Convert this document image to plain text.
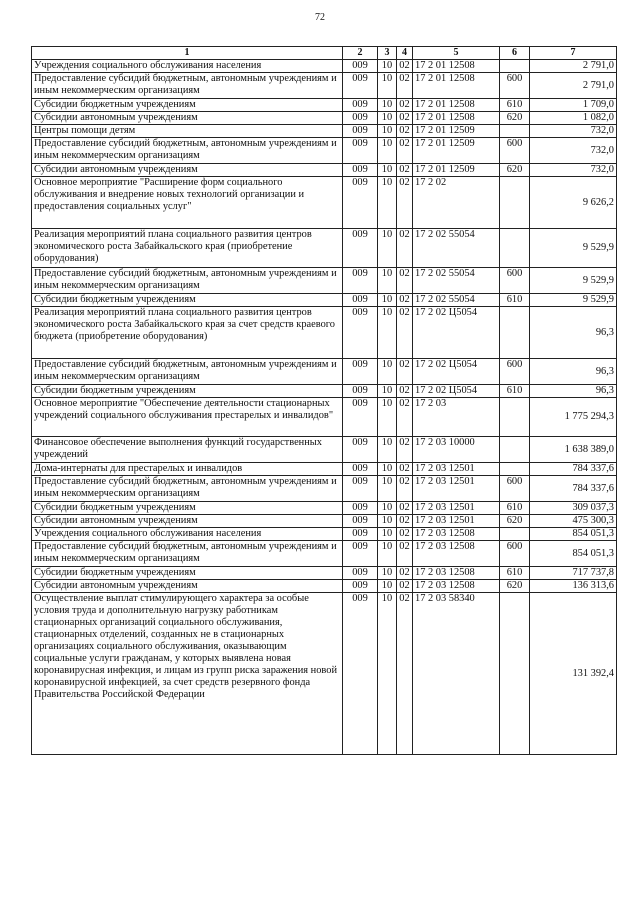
72
1	2	3	4	5	6	7
Учреждения социального обслуживания населения	009	10	02	17 2 01 12508		2 791,0
Предоставление субсидий бюджетным, автономным учреждениям и иным некоммерческим организациям	009	10	02	17 2 01 12508	600	2 791,0
Субсидии бюджетным учреждениям	009	10	02	17 2 01 12508	610	1 709,0
Субсидии автономным учреждениям	009	10	02	17 2 01 12508	620	1 082,0
Центры помощи детям	009	10	02	17 2 01 12509		732,0
Предоставление субсидий бюджетным, автономным учреждениям и иным некоммерческим организациям	009	10	02	17 2 01 12509	600	732,0
Субсидии автономным учреждениям	009	10	02	17 2 01 12509	620	732,0
Основное мероприятие "Расширение форм социального обслуживания и внедрение новых технологий организации и предоставления социальных услуг"	009	10	02	17 2 02		9 626,2
Реализация мероприятий плана социального развития центров экономического роста Забайкальского края (приобретение оборудования)	009	10	02	17 2 02 55054		9 529,9
Предоставление субсидий бюджетным, автономным учреждениям и иным некоммерческим организациям	009	10	02	17 2 02 55054	600	9 529,9
Субсидии бюджетным учреждениям	009	10	02	17 2 02 55054	610	9 529,9
Реализация мероприятий плана социального развития центров экономического роста Забайкальского края за счет средств краевого бюджета (приобретение оборудования)	009	10	02	17 2 02 Ц5054		96,3
Предоставление субсидий бюджетным, автономным учреждениям и иным некоммерческим организациям	009	10	02	17 2 02 Ц5054	600	96,3
Субсидии бюджетным учреждениям	009	10	02	17 2 02 Ц5054	610	96,3
Основное мероприятие "Обеспечение деятельности стационарных учреждений социального обслуживания престарелых и инвалидов"	009	10	02	17 2 03		1 775 294,3
Финансовое обеспечение выполнения функций государственных учреждений	009	10	02	17 2 03 10000		1 638 389,0
Дома-интернаты для престарелых и инвалидов	009	10	02	17 2 03 12501		784 337,6
Предоставление субсидий бюджетным, автономным учреждениям и иным некоммерческим организациям	009	10	02	17 2 03 12501	600	784 337,6
Субсидии бюджетным учреждениям	009	10	02	17 2 03 12501	610	309 037,3
Субсидии автономным учреждениям	009	10	02	17 2 03 12501	620	475 300,3
Учреждения социального обслуживания населения	009	10	02	17 2 03 12508		854 051,3
Предоставление субсидий бюджетным, автономным учреждениям и иным некоммерческим организациям	009	10	02	17 2 03 12508	600	854 051,3
Субсидии бюджетным учреждениям	009	10	02	17 2 03 12508	610	717 737,8
Субсидии автономным учреждениям	009	10	02	17 2 03 12508	620	136 313,6
Осуществление выплат стимулирующего характера за особые условия труда и дополнительную нагрузку работникам стационарных организаций социального обслуживания, стационарных отделений, созданных не в стационарных организациях социального обслуживания, оказывающим социальные услуги гражданам, у которых выявлена новая коронавирусная инфекция, и лицам из групп риска заражения новой коронавирусной инфекцией, за счет средств резервного фонда Правительства Российской Федерации	009	10	02	17 2 03 58340		131 392,4
